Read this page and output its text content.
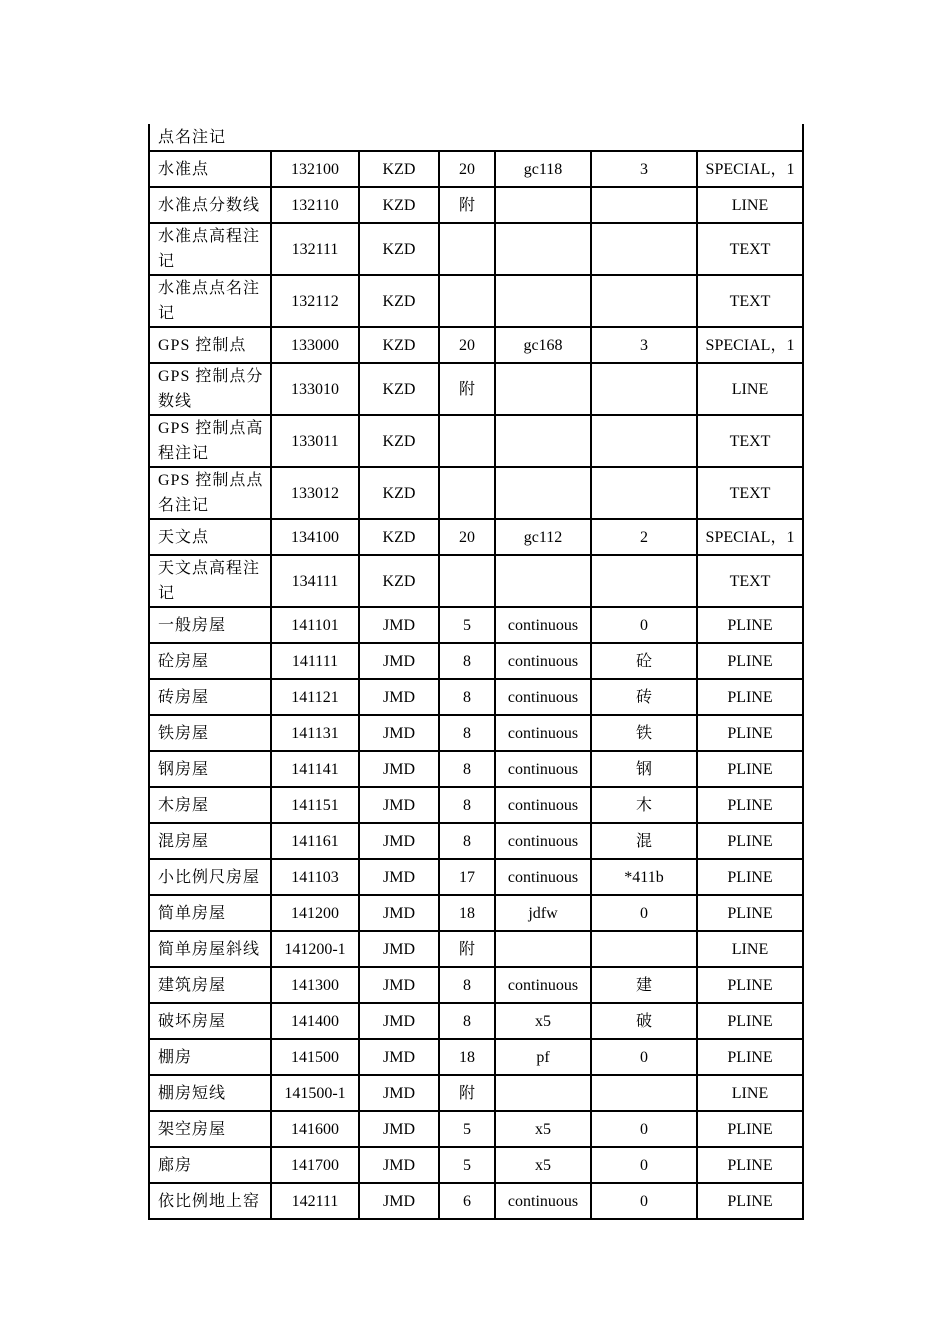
点名注记						
水准点	132100	KZD	20	gc118	3	SPECIAL，1
水准点分数线	132110	KZD	附			LINE
水准点高程注记	132111	KZD				TEXT
水准点点名注记	132112	KZD				TEXT
GPS 控制点	133000	KZD	20	gc168	3	SPECIAL，1
GPS 控制点分数线	133010	KZD	附			LINE
GPS 控制点高程注记	133011	KZD				TEXT
GPS 控制点点名注记	133012	KZD				TEXT
天文点	134100	KZD	20	gc112	2	SPECIAL，1
天文点高程注记	134111	KZD				TEXT
一般房屋	141101	JMD	5	continuous	0	PLINE
砼房屋	141111	JMD	8	continuous	砼	PLINE
砖房屋	141121	JMD	8	continuous	砖	PLINE
铁房屋	141131	JMD	8	continuous	铁	PLINE
钢房屋	141141	JMD	8	continuous	钢	PLINE
木房屋	141151	JMD	8	continuous	木	PLINE
混房屋	141161	JMD	8	continuous	混	PLINE
小比例尺房屋	141103	JMD	17	continuous	*411b	PLINE
简单房屋	141200	JMD	18	jdfw	0	PLINE
简单房屋斜线	141200-1	JMD	附			LINE
建筑房屋	141300	JMD	8	continuous	建	PLINE
破坏房屋	141400	JMD	8	x5	破	PLINE
棚房	141500	JMD	18	pf	0	PLINE
棚房短线	141500-1	JMD	附			LINE
架空房屋	141600	JMD	5	x5	0	PLINE
廊房	141700	JMD	5	x5	0	PLINE
依比例地上窑	142111	JMD	6	continuous	0	PLINE
